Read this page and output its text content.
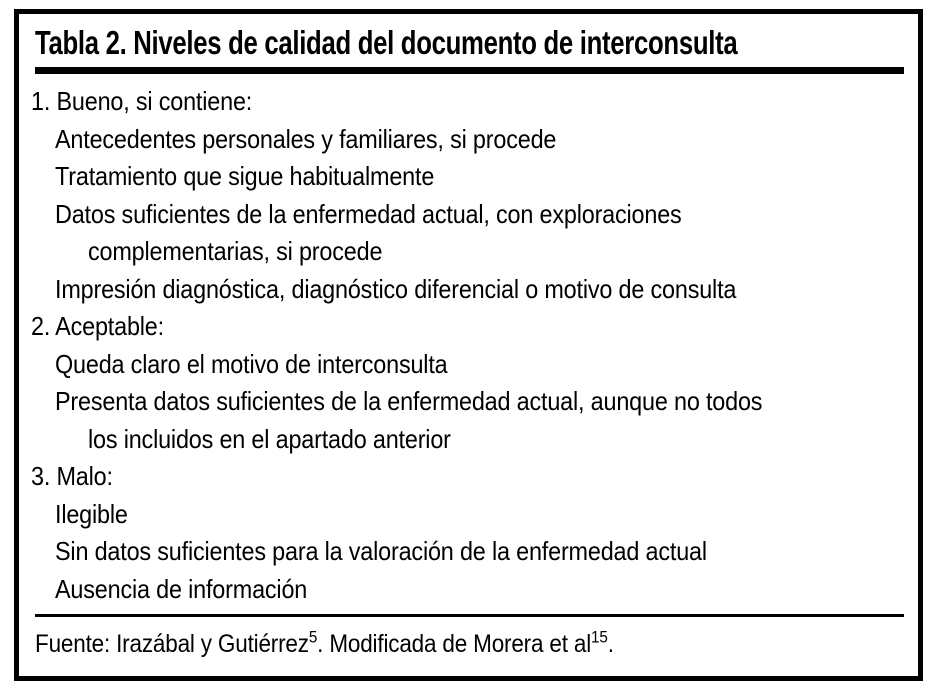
Tabla 2. Niveles de calidad del documento de interconsulta
1. Bueno, si contiene:
Antecedentes personales y familiares, si procede
Tratamiento que sigue habitualmente
Datos suficientes de la enfermedad actual, con exploraciones
complementarias, si procede
Impresión diagnóstica, diagnóstico diferencial o motivo de consulta
2. Aceptable:
Queda claro el motivo de interconsulta
Presenta datos suficientes de la enfermedad actual, aunque no todos
los incluidos en el apartado anterior
3. Malo:
Ilegible
Sin datos suficientes para la valoración de la enfermedad actual
Ausencia de información
Fuente: Irazábal y Gutiérrez$^5$. Modificada de Morera et $al^{15}$.
